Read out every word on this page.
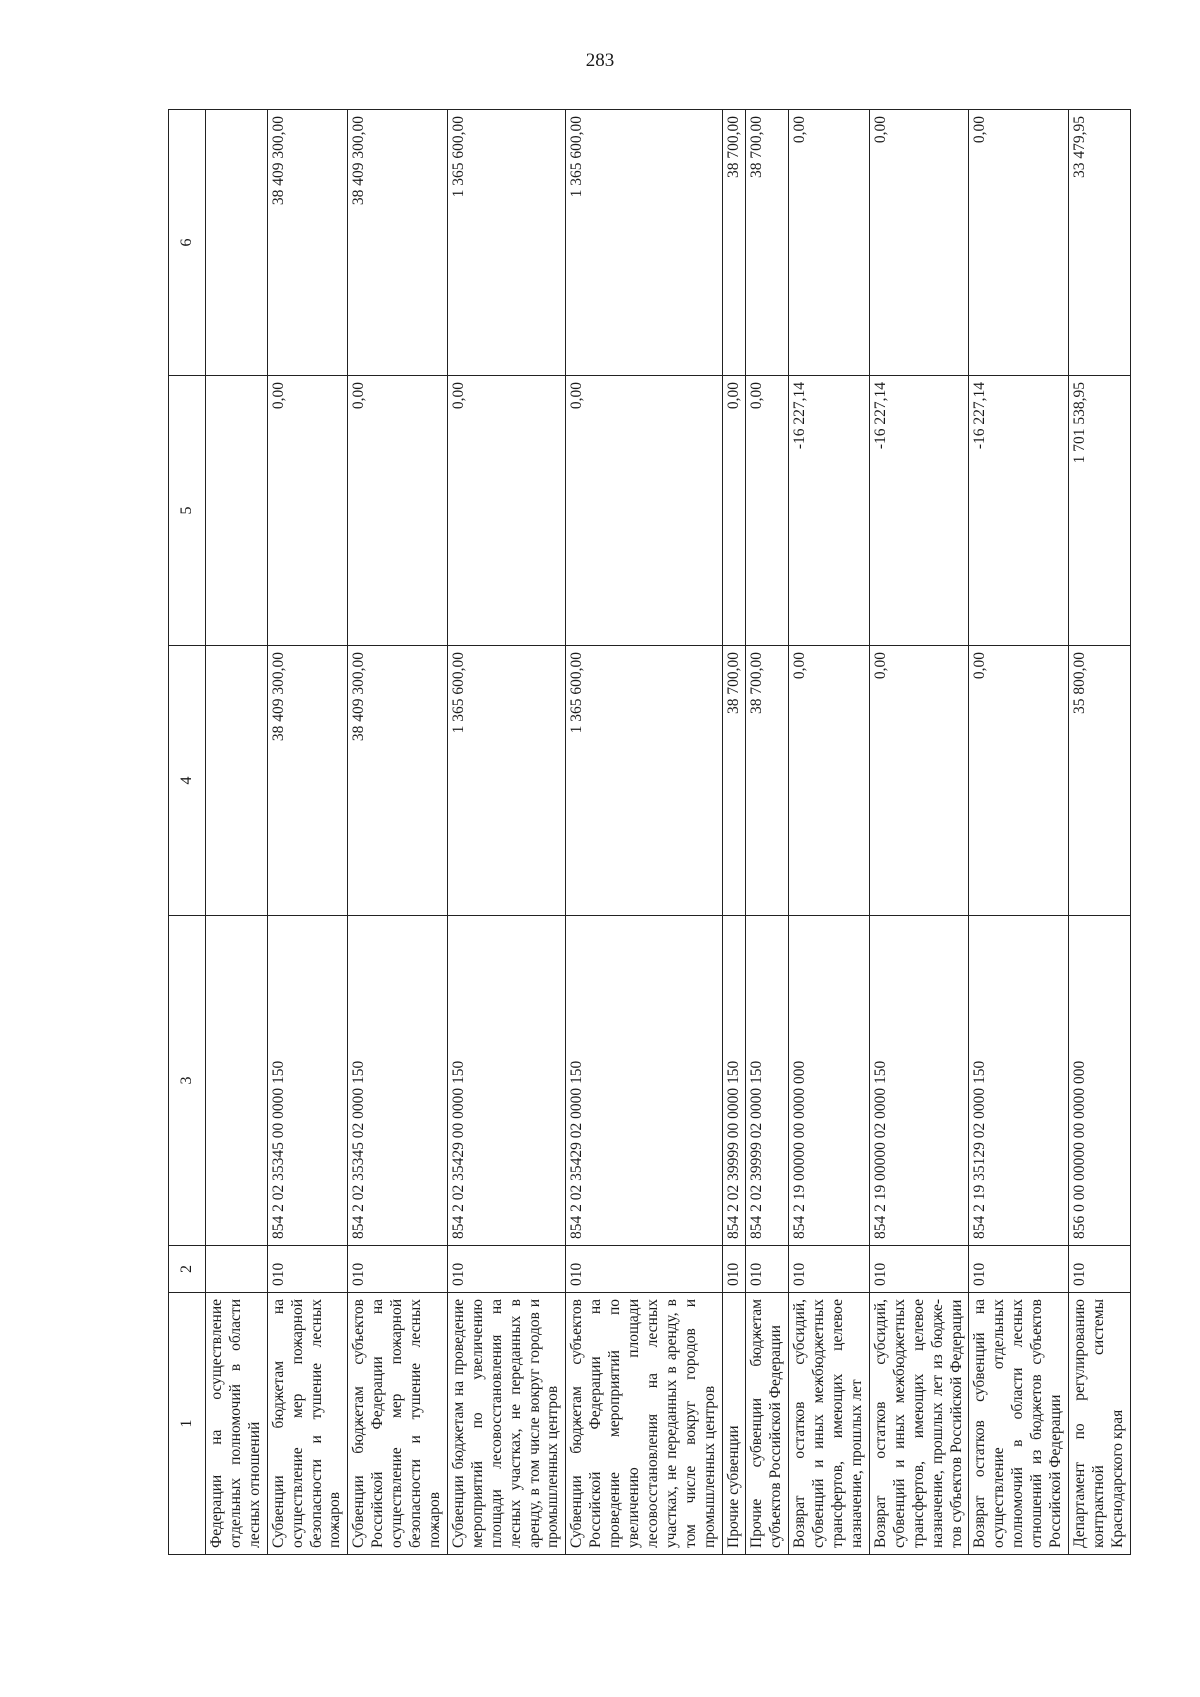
283
1	2	3	4	5	6
Федерации на осуществление отдельных полномочий в области лесных отношений					
Субвенции бюджетам на осуществление мер пожарной безопасности и тушение лесных пожаров	010	854 2 02 35345 00 0000 150	38 409 300,00	0,00	38 409 300,00
Субвенции бюджетам субъектов Российской Федерации на осуществление мер пожарной безопасности и тушение лесных пожаров	010	854 2 02 35345 02 0000 150	38 409 300,00	0,00	38 409 300,00
Субвенции бюджетам на проведение мероприятий по увеличению площади лесовосстановления на лесных участках, не переданных в аренду, в том числе вокруг городов и промышленных центров	010	854 2 02 35429 00 0000 150	1 365 600,00	0,00	1 365 600,00
Субвенции бюджетам субъектов Российской Федерации на проведение мероприятий по увеличению площади лесовосстановления на лесных участках, не передaнных в аренду, в том числе вокруг городов и промышленных центров	010	854 2 02 35429 02 0000 150	1 365 600,00	0,00	1 365 600,00
Прочие субвенции	010	854 2 02 39999 00 0000 150	38 700,00	0,00	38 700,00
Прочие субвенции бюджетам субъектов Российской Федерации	010	854 2 02 39999 02 0000 150	38 700,00	0,00	38 700,00
Возврат остатков субсидий, субвенций и иных межбюджетных трансфертов, имеющих целевое назначение, прошлых лет	010	854 2 19 00000 00 0000 000	0,00	-16 227,14	0,00
Возврат остатков субсидий, субвенций и иных межбюджетных трансфертов, имеющих целевое назначение, прошлых лет из бюджетов субъектов Российской Федерации	010	854 2 19 00000 02 0000 150	0,00	-16 227,14	0,00
Возврат остатков субвенций на осуществление отдельных полномочий в области лесных отношений из бюджетов субъектов Российской Федерации	010	854 2 19 35129 02 0000 150	0,00	-16 227,14	0,00
Департамент по регулированию контрактной системы Краснодарского края	010	856 0 00 00000 00 0000 000	35 800,00	1 701 538,95	33 479,95
